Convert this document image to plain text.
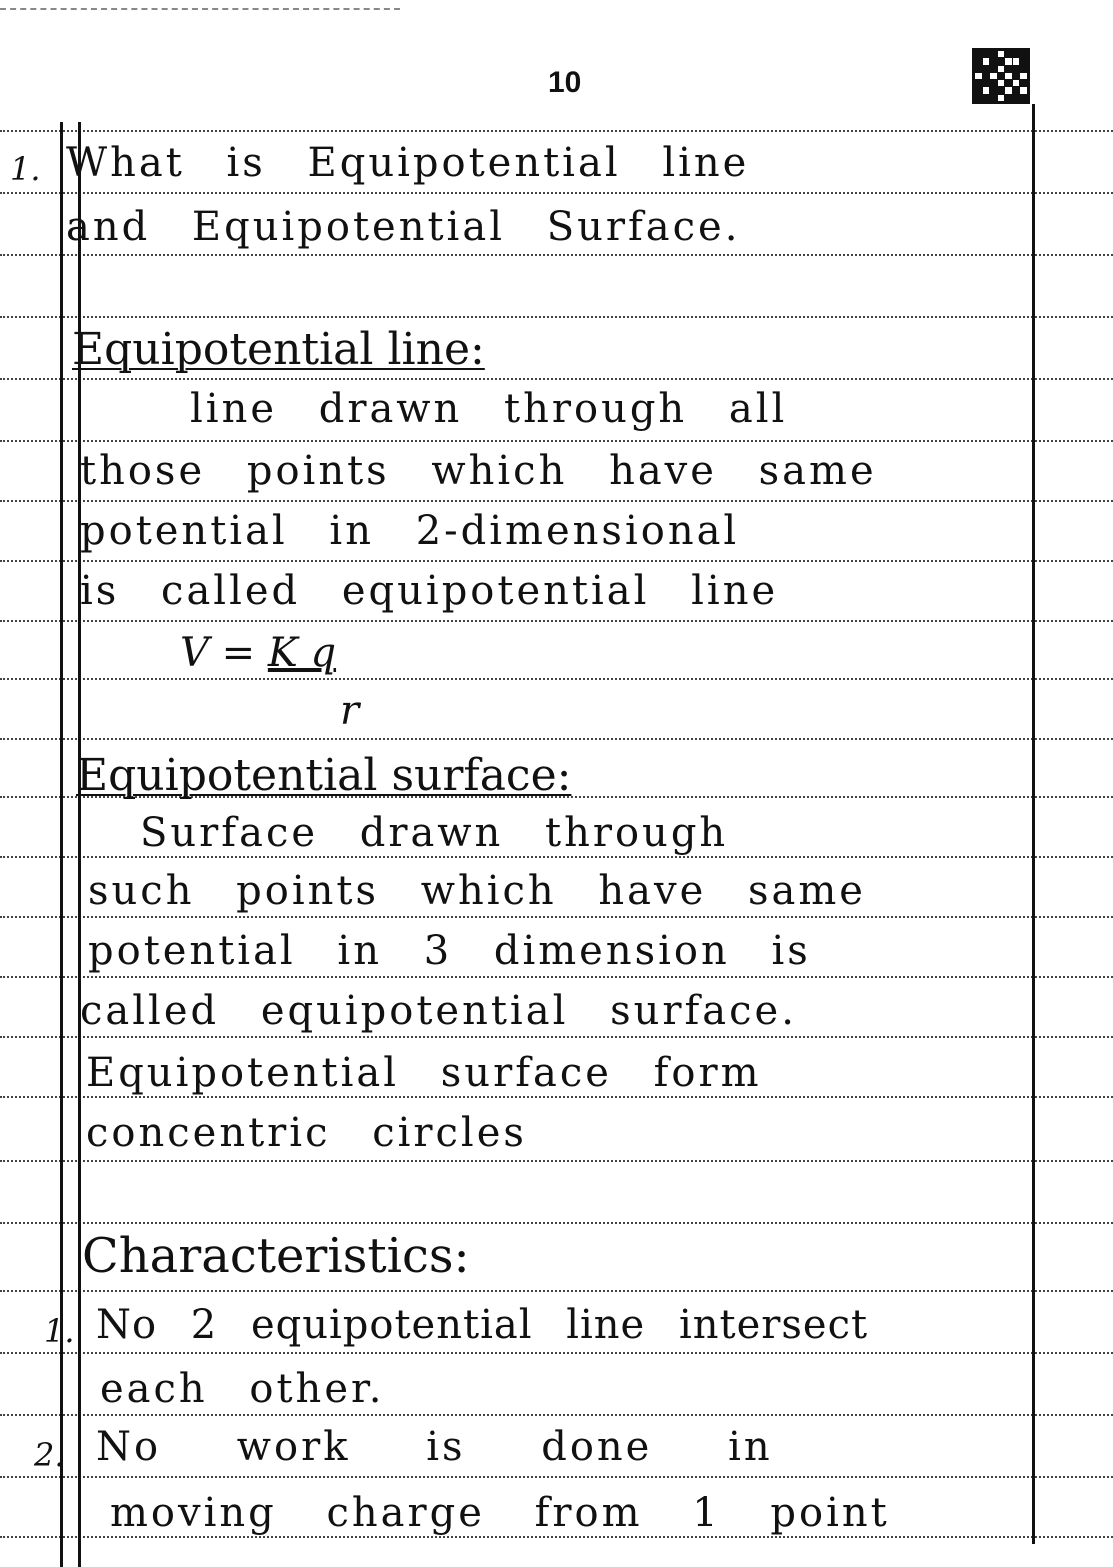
10
1. What is Equipotential line
and Equipotential Surface.
Equipotential line:
line drawn through all
those points which have same
potential in 2-dimensional
is called equipotential line
V = K q
r
Equipotential surface:
Surface drawn through
such points which have same
potential in 3 dimension is
called equipotential surface.
Equipotential surface form
concentric circles
Characteristics:
1. No 2 equipotential line intersect
each other.
2. No work is done in
moving charge from 1 point
